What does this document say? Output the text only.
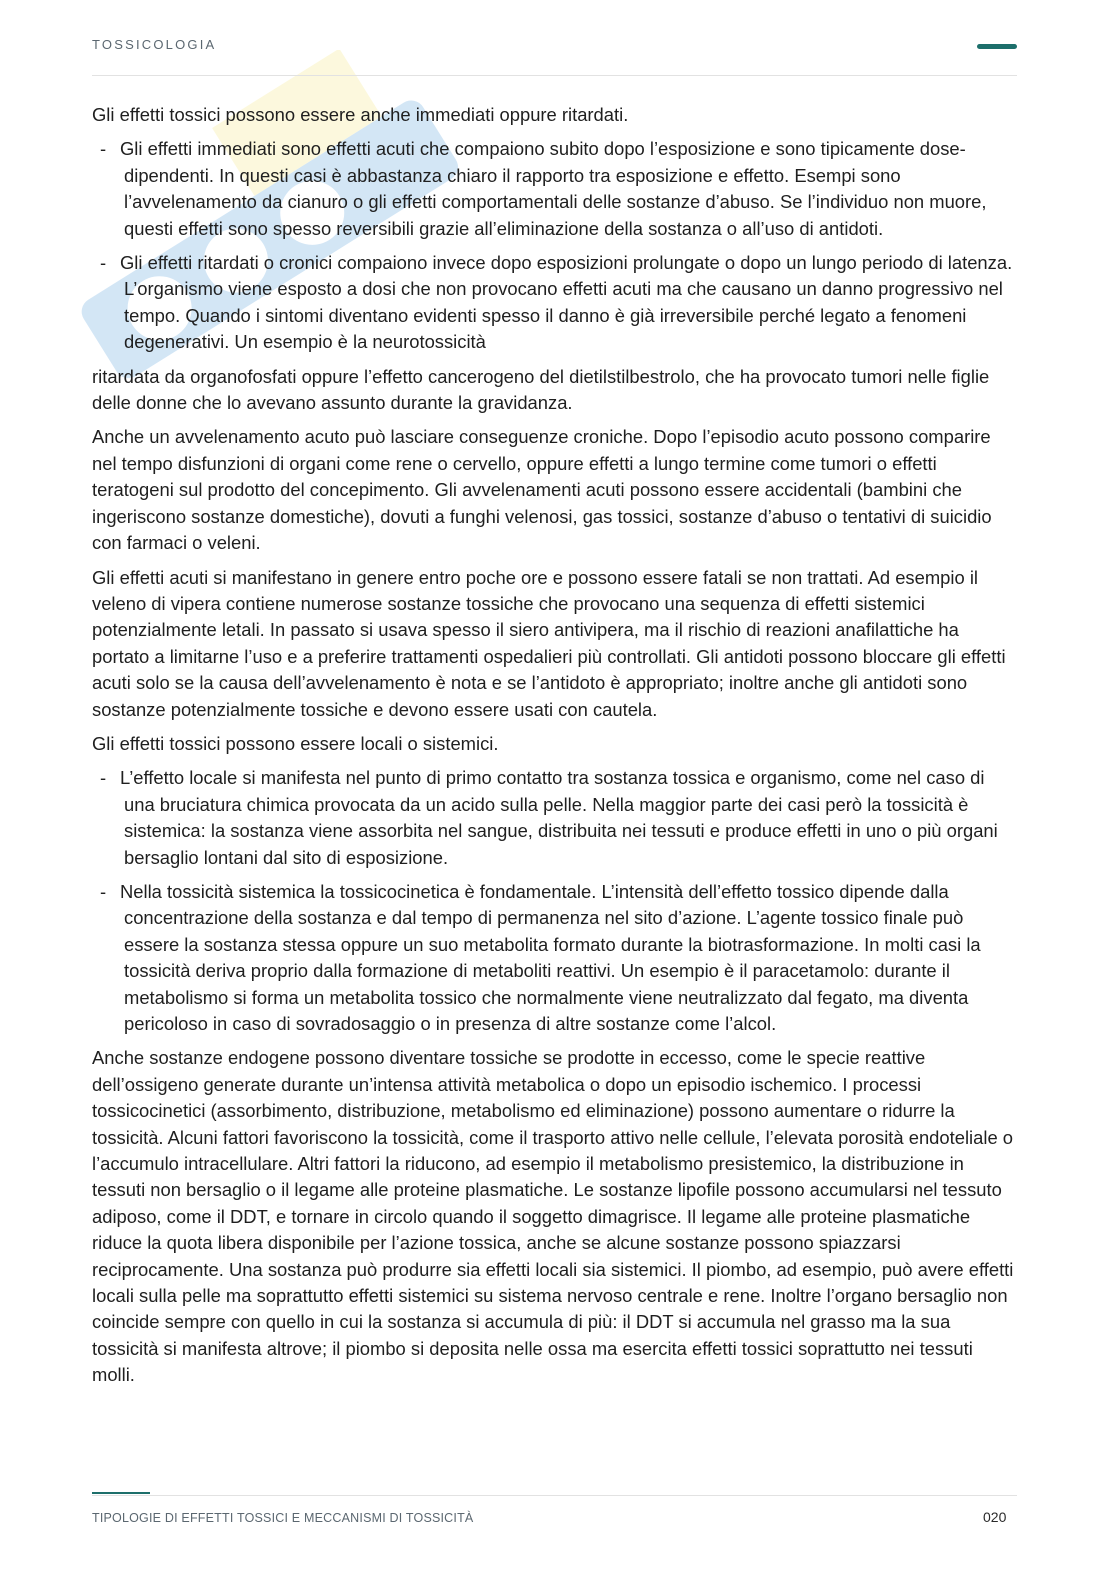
TOSSICOLOGIA

Gli effetti tossici possono essere anche immediati oppure ritardati.

- Gli effetti immediati sono effetti acuti che compaiono subito dopo l’esposizione e sono tipicamente dose-dipendenti. In questi casi è abbastanza chiaro il rapporto tra esposizione e effetto. Esempi sono l’avvelenamento da cianuro o gli effetti comportamentali delle sostanze d’abuso. Se l’individuo non muore, questi effetti sono spesso reversibili grazie all’eliminazione della sostanza o all’uso di antidoti.
- Gli effetti ritardati o cronici compaiono invece dopo esposizioni prolungate o dopo un lungo periodo di latenza. L’organismo viene esposto a dosi che non provocano effetti acuti ma che causano un danno progressivo nel tempo. Quando i sintomi diventano evidenti spesso il danno è già irreversibile perché legato a fenomeni degenerativi. Un esempio è la neurotossicità

ritardata da organofosfati oppure l’effetto cancerogeno del dietilstilbestrolo, che ha provocato tumori nelle figlie delle donne che lo avevano assunto durante la gravidanza.

Anche un avvelenamento acuto può lasciare conseguenze croniche. Dopo l’episodio acuto possono comparire nel tempo disfunzioni di organi come rene o cervello, oppure effetti a lungo termine come tumori o effetti teratogeni sul prodotto del concepimento. Gli avvelenamenti acuti possono essere accidentali (bambini che ingeriscono sostanze domestiche), dovuti a funghi velenosi, gas tossici, sostanze d’abuso o tentativi di suicidio con farmaci o veleni.

Gli effetti acuti si manifestano in genere entro poche ore e possono essere fatali se non trattati. Ad esempio il veleno di vipera contiene numerose sostanze tossiche che provocano una sequenza di effetti sistemici potenzialmente letali. In passato si usava spesso il siero antivipera, ma il rischio di reazioni anafilattiche ha portato a limitarne l’uso e a preferire trattamenti ospedalieri più controllati. Gli antidoti possono bloccare gli effetti acuti solo se la causa dell’avvelenamento è nota e se l’antidoto è appropriato; inoltre anche gli antidoti sono sostanze potenzialmente tossiche e devono essere usati con cautela.

Gli effetti tossici possono essere locali o sistemici.

- L’effetto locale si manifesta nel punto di primo contatto tra sostanza tossica e organismo, come nel caso di una bruciatura chimica provocata da un acido sulla pelle. Nella maggior parte dei casi però la tossicità è sistemica: la sostanza viene assorbita nel sangue, distribuita nei tessuti e produce effetti in uno o più organi bersaglio lontani dal sito di esposizione.
- Nella tossicità sistemica la tossicocinetica è fondamentale. L’intensità dell’effetto tossico dipende dalla concentrazione della sostanza e dal tempo di permanenza nel sito d’azione. L’agente tossico finale può essere la sostanza stessa oppure un suo metabolita formato durante la biotrasformazione. In molti casi la tossicità deriva proprio dalla formazione di metaboliti reattivi. Un esempio è il paracetamolo: durante il metabolismo si forma un metabolita tossico che normalmente viene neutralizzato dal fegato, ma diventa pericoloso in caso di sovradosaggio o in presenza di altre sostanze come l’alcol.

Anche sostanze endogene possono diventare tossiche se prodotte in eccesso, come le specie reattive dell’ossigeno generate durante un’intensa attività metabolica o dopo un episodio ischemico. I processi tossicocinetici (assorbimento, distribuzione, metabolismo ed eliminazione) possono aumentare o ridurre la tossicità. Alcuni fattori favoriscono la tossicità, come il trasporto attivo nelle cellule, l’elevata porosità endoteliale o l’accumulo intracellulare. Altri fattori la riducono, ad esempio il metabolismo presistemico, la distribuzione in tessuti non bersaglio o il legame alle proteine plasmatiche. Le sostanze lipofile possono accumularsi nel tessuto adiposo, come il DDT, e tornare in circolo quando il soggetto dimagrisce. Il legame alle proteine plasmatiche riduce la quota libera disponibile per l’azione tossica, anche se alcune sostanze possono spiazzarsi reciprocamente. Una sostanza può produrre sia effetti locali sia sistemici. Il piombo, ad esempio, può avere effetti locali sulla pelle ma soprattutto effetti sistemici su sistema nervoso centrale e rene. Inoltre l’organo bersaglio non coincide sempre con quello in cui la sostanza si accumula di più: il DDT si accumula nel grasso ma la sua tossicità si manifesta altrove; il piombo si deposita nelle ossa ma esercita effetti tossici soprattutto nei tessuti molli.

TIPOLOGIE DI EFFETTI TOSSICI E MECCANISMI DI TOSSICITÀ	020
